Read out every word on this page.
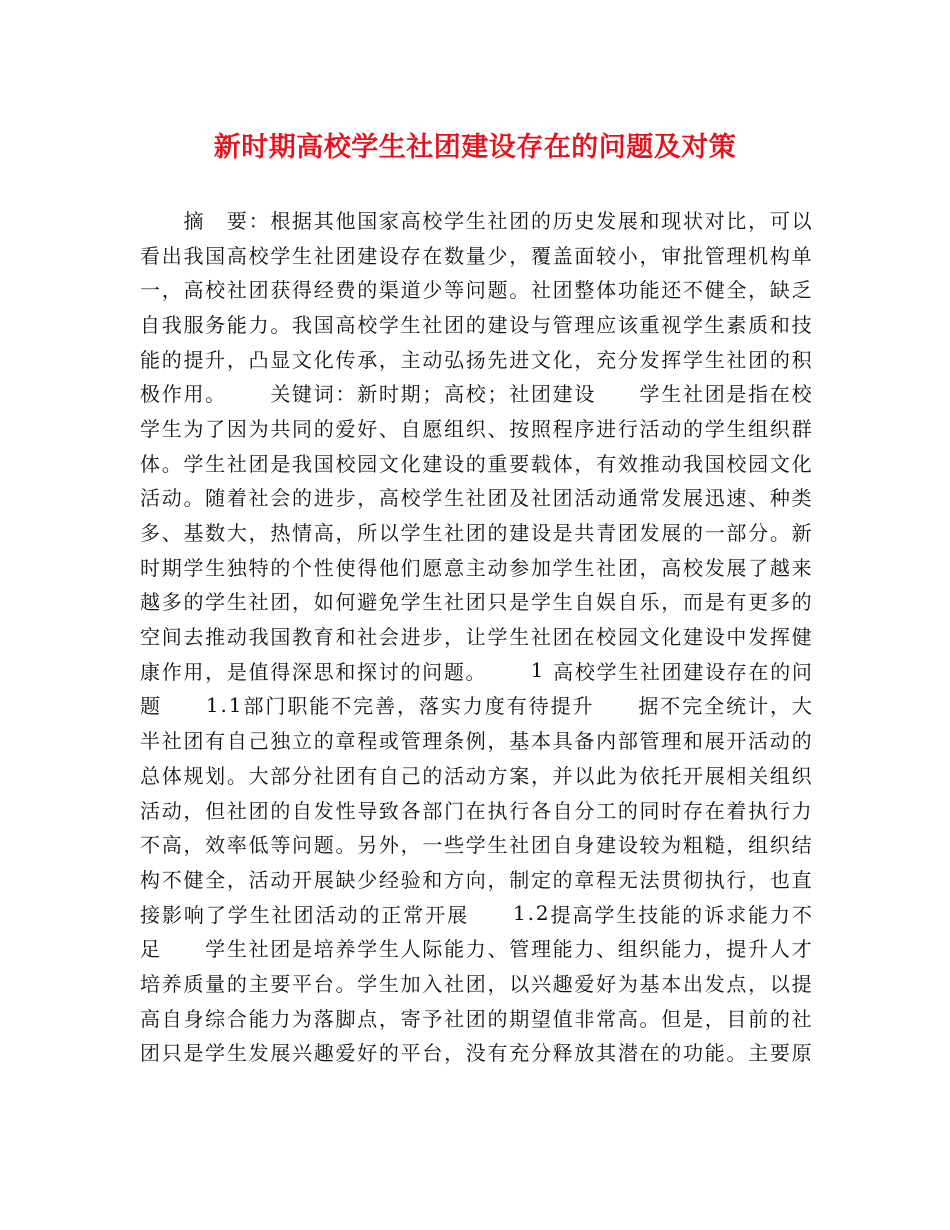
新时期高校学生社团建设存在的问题及对策

摘
　 要 ： 根 据 其 他 国 家 高 校 学 生 社 团 的 历 史 发 展 和 现 状 对 比 ， 可 以
看 出 我 国 高 校 学 生 社 团 建 设 存 在 数 量 少 ， 覆 盖 面 较 小 ， 审 批 管 理 机 构 单
一 ， 高 校 社 团 获 得 经 费 的 渠 道 少 等 问 题 。 社 团 整 体 功 能 还 不 健 全 ， 缺 乏
自 我 服 务 能 力 。 我 国 高 校 学 生 社 团 的 建 设 与 管 理 应 该 重 视 学 生 素 质 和 技
能 的 提 升 ， 凸 显 文 化 传 承 ， 主 动 弘 扬 先 进 文 化 ， 充 分 发 挥 学 生 社 团 的 积
极 作 用 。

　 关 键 词 ： 新 时 期 ； 高 校 ； 社 团 建 设

　 学 生 社 团 是 指 在 校
学 生 为 了 因 为 共 同 的 爱 好 、 自 愿 组 织 、 按 照 程 序 进 行 活 动 的 学 生 组 织 群
体 。 学 生 社 团 是 我 国 校 园 文 化 建 设 的 重 要 载 体 ， 有 效 推 动 我 国 校 园 文 化
活 动 。 随 着 社 会 的 进 步 ， 高 校 学 生 社 团 及 社 团 活 动 通 常 发 展 迅 速 、 种 类
多 、 基 数 大 ， 热 情 高 ， 所 以 学 生 社 团 的 建 设 是 共 青 团 发 展 的 一 部 分 。 新
时 期 学 生 独 特 的 个 性 使 得 他 们 愿 意 主 动 参 加 学 生 社 团 ， 高 校 发 展 了 越 来
越 多 的 学 生 社 团 ， 如 何 避 免 学 生 社 团 只 是 学 生 自 娱 自 乐 ， 而 是 有 更 多 的
空 间 去 推 动 我 国 教 育 和 社 会 进 步 ， 让 学 生 社 团 在 校 园 文 化 建 设 中 发 挥 健
康 作 用 ， 是 值 得 深 思 和 探 讨 的 问 题 。

　 1
高 校 学 生 社 团 建 设 存 在 的 问
题

　 1 . 1 部 门 职 能 不 完 善 ， 落 实 力 度 有 待 提 升

　 据 不 完 全 统 计 ， 大
半 社 团 有 自 己 独 立 的 章 程 或 管 理 条 例 ， 基 本 具 备 内 部 管 理 和 展 开 活 动 的
总 体 规 划 。 大 部 分 社 团 有 自 己 的 活 动 方 案 ， 并 以 此 为 依 托 开 展 相 关 组 织
活 动 ， 但 社 团 的 自 发 性 导 致 各 部 门 在 执 行 各 自 分 工 的 同 时 存 在 着 执 行 力
不 高 ， 效 率 低 等 问 题 。 另 外 ， 一 些 学 生 社 团 自 身 建 设 较 为 粗 糙 ， 组 织 结
构 不 健 全 ， 活 动 开 展 缺 少 经 验 和 方 向 ， 制 定 的 章 程 无 法 贯 彻 执 行 ， 也 直
接 影 响 了 学 生 社 团 活 动 的 正 常 开 展

　 1 . 2 提 高 学 生 技 能 的 诉 求 能 力 不
足

　 学 生 社 团 是 培 养 学 生 人 际 能 力 、 管 理 能 力 、 组 织 能 力 ， 提 升 人 才
培 养 质 量 的 主 要 平 台 。 学 生 加 入 社 团 ， 以 兴 趣 爱 好 为 基 本 出 发 点 ， 以 提
高 自 身 综 合 能 力 为 落 脚 点 ， 寄 予 社 团 的 期 望 值 非 常 高 。 但 是 ， 目 前 的 社
团 只 是 学 生 发 展 兴 趣 爱 好 的 平 台 ， 没 有 充 分 释 放 其 潜 在 的 功 能 。 主 要 原
